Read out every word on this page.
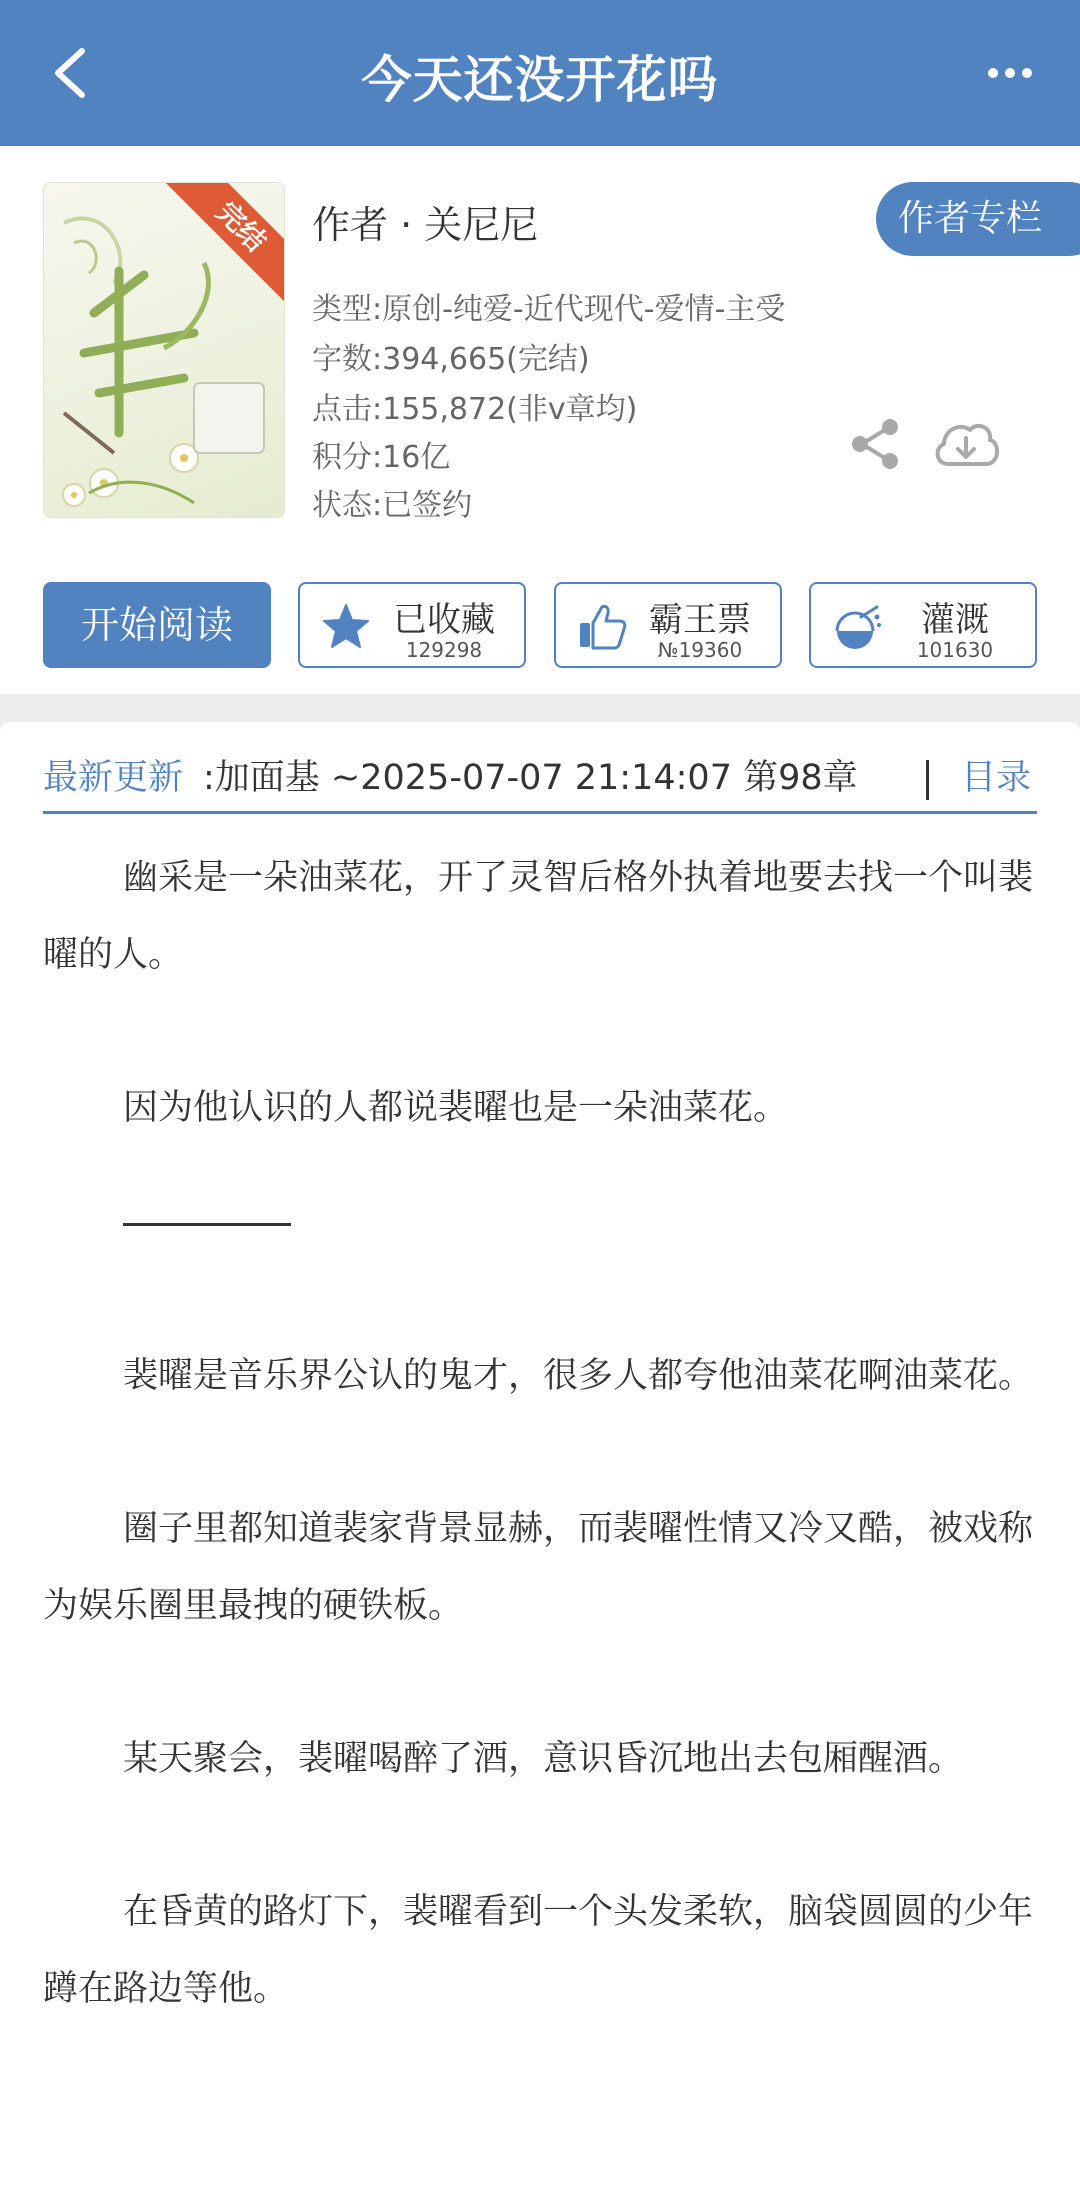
今天还没开花吗
完结	作者 · 关尼尼	作者专栏
类型:原创-纯爱-近代现代-爱情-主受
字数:394,665(完结)
点击:155,872(非v章均)
积分:16亿
状态:已签约
开始阅读	已收藏
129298
霸王票
№19360
灌溉
101630
最新更新 :加面基 ~2025-07-07 21:14:07 第98章	目录

幽采是一朵油菜花，开了灵智后格外执着地要去找一个叫裴曜的人。

因为他认识的人都说裴曜也是一朵油菜花。

裴曜是音乐界公认的鬼才，很多人都夸他油菜花啊油菜花。

圈子里都知道裴家背景显赫，而裴曜性情又冷又酷，被戏称为娱乐圈里最拽的硬铁板。

某天聚会，裴曜喝醉了酒，意识昏沉地出去包厢醒酒。

在昏黄的路灯下，裴曜看到一个头发柔软，脑袋圆圆的少年蹲在路边等他。
